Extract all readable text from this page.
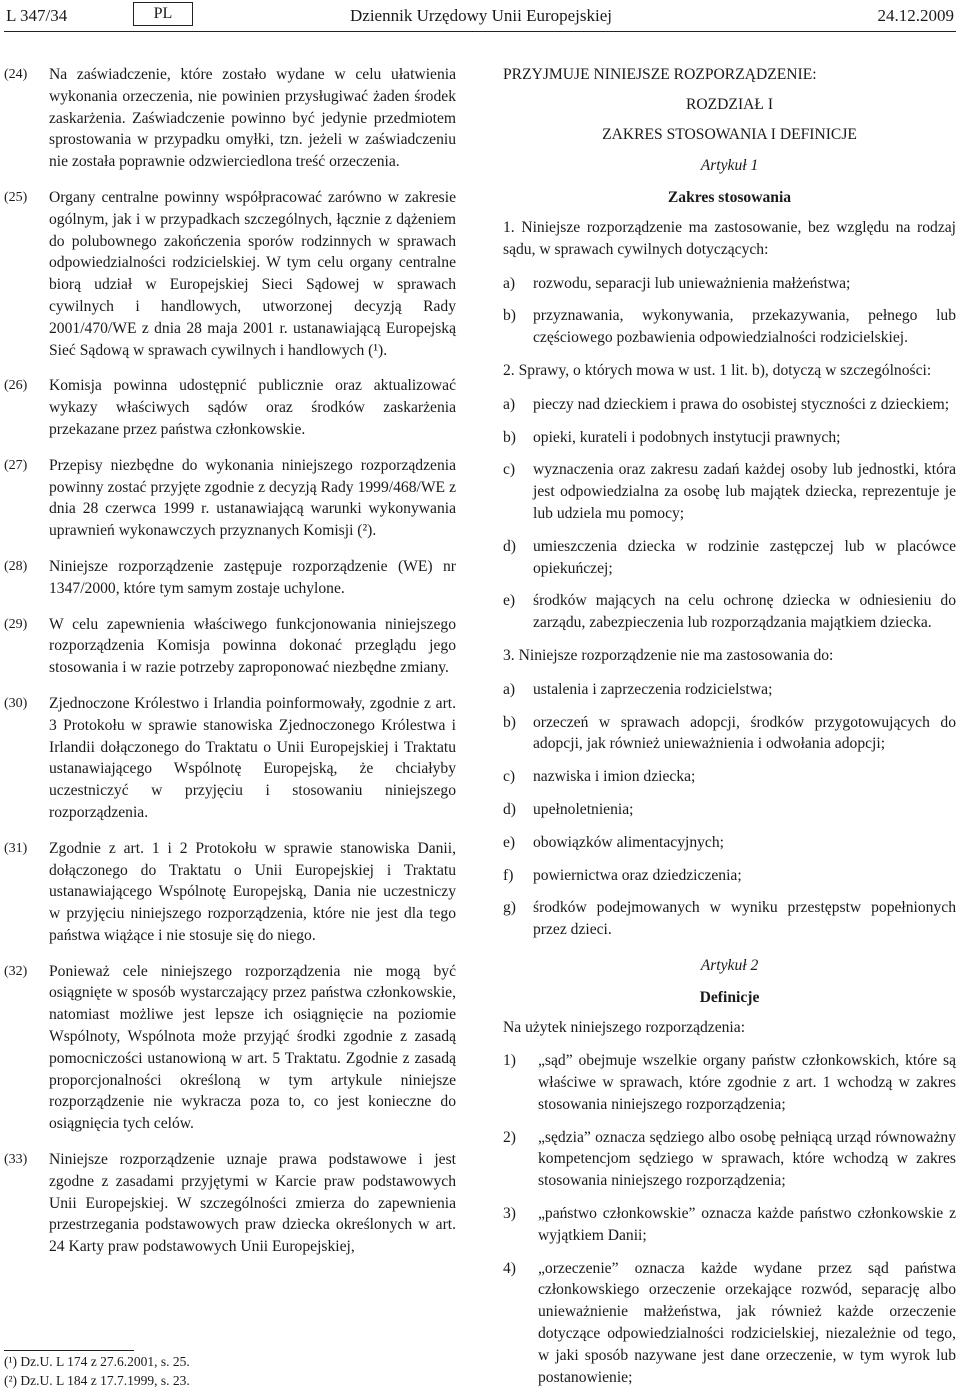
L 347/34	PL	Dziennik Urzędowy Unii Europejskiej	24.12.2009
(24)	Na zaświadczenie, które zostało wydane w celu ułatwienia wykonania orzeczenia, nie powinien przysługiwać żaden środek zaskarżenia. Zaświadczenie powinno być jedynie przedmiotem sprostowania w przypadku omyłki, tzn. jeżeli w zaświadczeniu nie została poprawnie odzwierciedlona treść orzeczenia.
(25)	Organy centralne powinny współpracować zarówno w zakresie ogólnym, jak i w przypadkach szczególnych, łącznie z dążeniem do polubownego zakończenia sporów rodzinnych w sprawach odpowiedzialności rodzicielskiej. W tym celu organy centralne biorą udział w Europejskiej Sieci Sądowej w sprawach cywilnych i handlowych, utworzonej decyzją Rady 2001/470/WE z dnia 28 maja 2001 r. ustanawiającą Europejską Sieć Sądową w sprawach cywilnych i handlowych (¹).
(26)	Komisja powinna udostępnić publicznie oraz aktualizować wykazy właściwych sądów oraz środków zaskarżenia przekazane przez państwa członkowskie.
(27)	Przepisy niezbędne do wykonania niniejszego rozporządzenia powinny zostać przyjęte zgodnie z decyzją Rady 1999/468/WE z dnia 28 czerwca 1999 r. ustanawiającą warunki wykonywania uprawnień wykonawczych przyznanych Komisji (²).
(28)	Niniejsze rozporządzenie zastępuje rozporządzenie (WE) nr 1347/2000, które tym samym zostaje uchylone.
(29)	W celu zapewnienia właściwego funkcjonowania niniejszego rozporządzenia Komisja powinna dokonać przeglądu jego stosowania i w razie potrzeby zaproponować niezbędne zmiany.
(30)	Zjednoczone Królestwo i Irlandia poinformowały, zgodnie z art. 3 Protokołu w sprawie stanowiska Zjednoczonego Królestwa i Irlandii dołączonego do Traktatu o Unii Europejskiej i Traktatu ustanawiającego Wspólnotę Europejską, że chciałyby uczestniczyć w przyjęciu i stosowaniu niniejszego rozporządzenia.
(31)	Zgodnie z art. 1 i 2 Protokołu w sprawie stanowiska Danii, dołączonego do Traktatu o Unii Europejskiej i Traktatu ustanawiającego Wspólnotę Europejską, Dania nie uczestniczy w przyjęciu niniejszego rozporządzenia, które nie jest dla tego państwa wiążące i nie stosuje się do niego.
(32)	Ponieważ cele niniejszego rozporządzenia nie mogą być osiągnięte w sposób wystarczający przez państwa członkowskie, natomiast możliwe jest lepsze ich osiągnięcie na poziomie Wspólnoty, Wspólnota może przyjąć środki zgodnie z zasadą pomocniczości ustanowioną w art. 5 Traktatu. Zgodnie z zasadą proporcjonalności określoną w tym artykule niniejsze rozporządzenie nie wykracza poza to, co jest konieczne do osiągnięcia tych celów.
(33)	Niniejsze rozporządzenie uznaje prawa podstawowe i jest zgodne z zasadami przyjętymi w Karcie praw podstawowych Unii Europejskiej. W szczególności zmierza do zapewnienia przestrzegania podstawowych praw dziecka określonych w art. 24 Karty praw podstawowych Unii Europejskiej,
(¹) Dz.U. L 174 z 27.6.2001, s. 25.
(²) Dz.U. L 184 z 17.7.1999, s. 23.
PRZYJMUJE NINIEJSZE ROZPORZĄDZENIE:
ROZDZIAŁ I
ZAKRES STOSOWANIA I DEFINICJE
Artykuł 1
Zakres stosowania
1. Niniejsze rozporządzenie ma zastosowanie, bez względu na rodzaj sądu, w sprawach cywilnych dotyczących:
a)	rozwodu, separacji lub unieważnienia małżeństwa;
b)	przyznawania, wykonywania, przekazywania, pełnego lub częściowego pozbawienia odpowiedzialności rodzicielskiej.
2. Sprawy, o których mowa w ust. 1 lit. b), dotyczą w szczególności:
a)	pieczy nad dzieckiem i prawa do osobistej styczności z dzieckiem;
b)	opieki, kurateli i podobnych instytucji prawnych;
c)	wyznaczenia oraz zakresu zadań każdej osoby lub jednostki, która jest odpowiedzialna za osobę lub majątek dziecka, reprezentuje je lub udziela mu pomocy;
d)	umieszczenia dziecka w rodzinie zastępczej lub w placówce opiekuńczej;
e)	środków mających na celu ochronę dziecka w odniesieniu do zarządu, zabezpieczenia lub rozporządzania majątkiem dziecka.
3. Niniejsze rozporządzenie nie ma zastosowania do:
a)	ustalenia i zaprzeczenia rodzicielstwa;
b)	orzeczeń w sprawach adopcji, środków przygotowujących do adopcji, jak również unieważnienia i odwołania adopcji;
c)	nazwiska i imion dziecka;
d)	upełnoletnienia;
e)	obowiązków alimentacyjnych;
f)	powiernictwa oraz dziedziczenia;
g)	środków podejmowanych w wyniku przestępstw popełnionych przez dzieci.
Artykuł 2
Definicje
Na użytek niniejszego rozporządzenia:
1)	„sąd” obejmuje wszelkie organy państw członkowskich, które są właściwe w sprawach, które zgodnie z art. 1 wchodzą w zakres stosowania niniejszego rozporządzenia;
2)	„sędzia” oznacza sędziego albo osobę pełniącą urząd równoważny kompetencjom sędziego w sprawach, które wchodzą w zakres stosowania niniejszego rozporządzenia;
3)	„państwo członkowskie” oznacza każde państwo członkowskie z wyjątkiem Danii;
4)	„orzeczenie” oznacza każde wydane przez sąd państwa członkowskiego orzeczenie orzekające rozwód, separację albo unieważnienie małżeństwa, jak również każde orzeczenie dotyczące odpowiedzialności rodzicielskiej, niezależnie od tego, w jaki sposób nazywane jest dane orzeczenie, w tym wyrok lub postanowienie;
